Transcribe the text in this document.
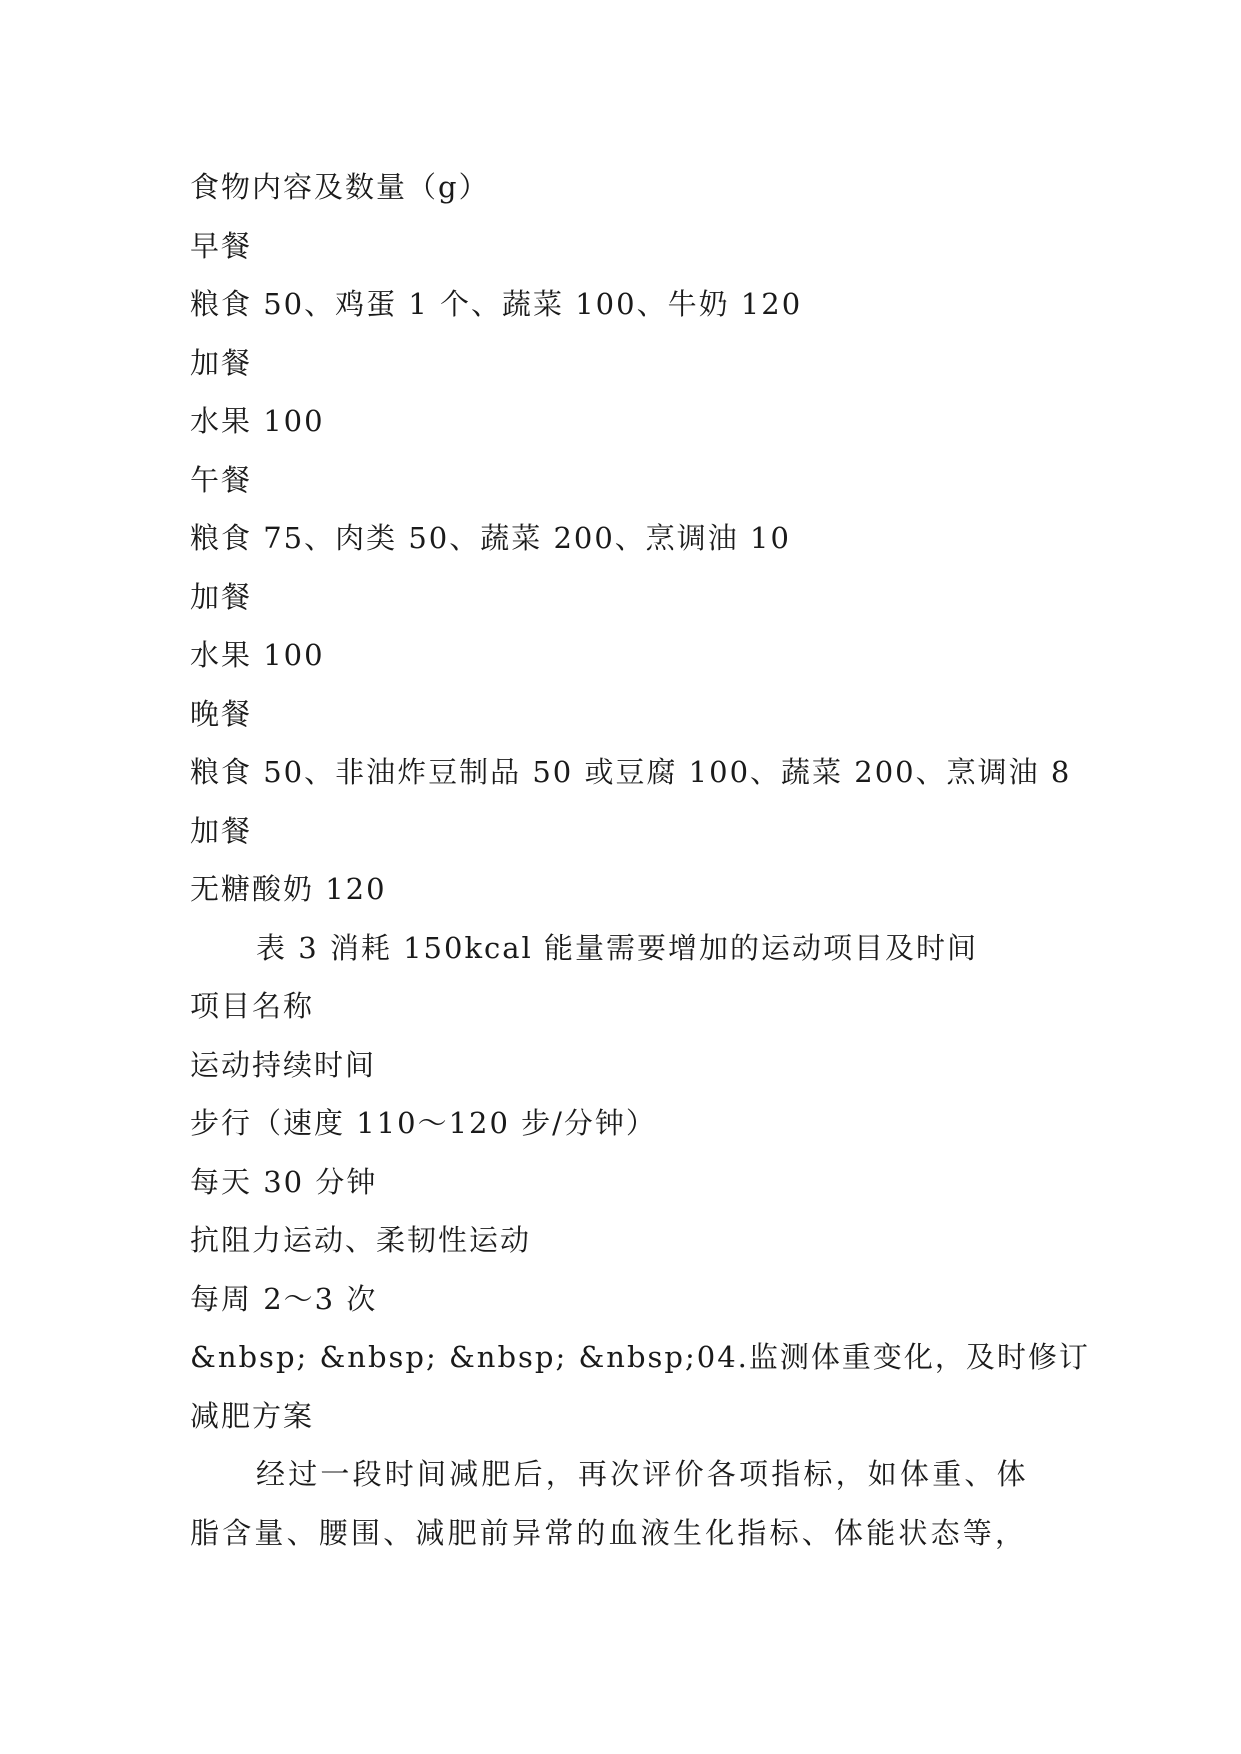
食物内容及数量（g）
早餐
粮食 50、鸡蛋 1 个、蔬菜 100、牛奶 120
加餐
水果 100
午餐
粮食 75、肉类 50、蔬菜 200、烹调油 10
加餐
水果 100
晚餐
粮食 50、非油炸豆制品 50 或豆腐 100、蔬菜 200、烹调油 8
加餐
无糖酸奶 120
表 3 消耗 150kcal 能量需要增加的运动项目及时间
项目名称
运动持续时间
步行（速度 110～120 步/分钟）
每天 30 分钟
抗阻力运动、柔韧性运动
每周 2～3 次
&nbsp; &nbsp; &nbsp; &nbsp;04.监测体重变化，及时修订
减肥方案
经过一段时间减肥后，再次评价各项指标，如体重、体
脂含量、腰围、减肥前异常的血液生化指标、体能状态等，
